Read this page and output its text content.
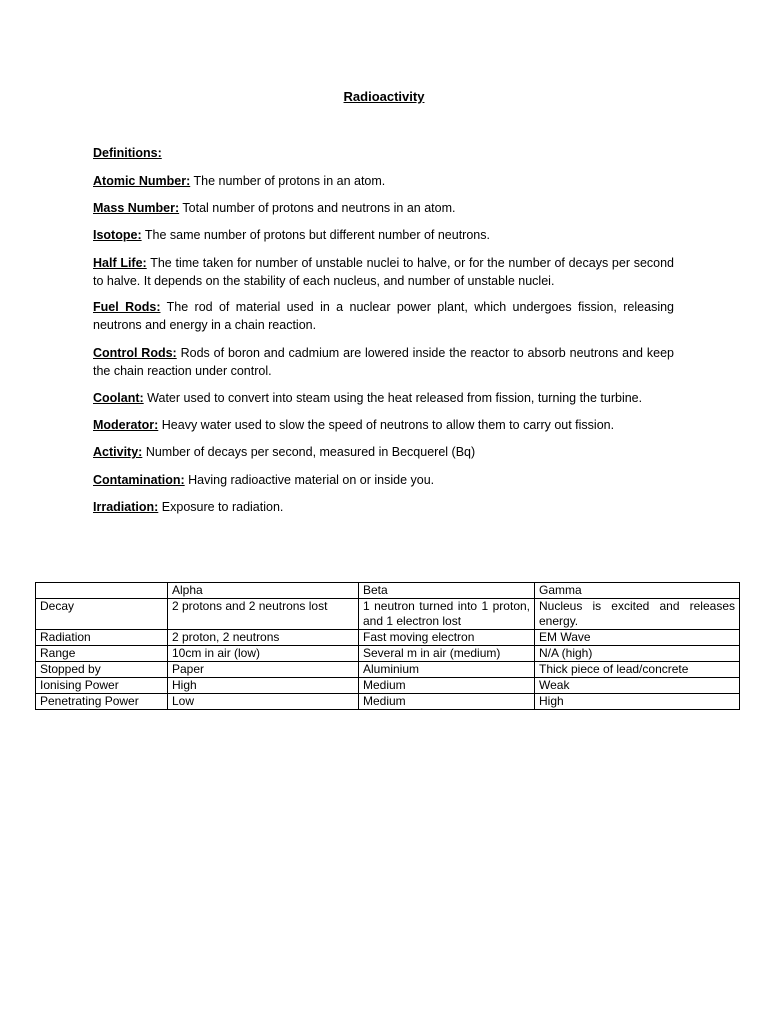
Radioactivity
Definitions:
Atomic Number: The number of protons in an atom.
Mass Number: Total number of protons and neutrons in an atom.
Isotope: The same number of protons but different number of neutrons.
Half Life: The time taken for number of unstable nuclei to halve, or for the number of decays per second to halve. It depends on the stability of each nucleus, and number of unstable nuclei.
Fuel Rods: The rod of material used in a nuclear power plant, which undergoes fission, releasing neutrons and energy in a chain reaction.
Control Rods: Rods of boron and cadmium are lowered inside the reactor to absorb neutrons and keep the chain reaction under control.
Coolant: Water used to convert into steam using the heat released from fission, turning the turbine.
Moderator: Heavy water used to slow the speed of neutrons to allow them to carry out fission.
Activity: Number of decays per second, measured in Becquerel (Bq)
Contamination: Having radioactive material on or inside you.
Irradiation: Exposure to radiation.
	Alpha	Beta	Gamma
Decay	2 protons and 2 neutrons lost	1 neutron turned into 1 proton, and 1 electron lost	Nucleus is excited and releases energy.
Radiation	2 proton, 2 neutrons	Fast moving electron	EM Wave
Range	10cm in air (low)	Several m in air (medium)	N/A (high)
Stopped by	Paper	Aluminium	Thick piece of lead/concrete
Ionising Power	High	Medium	Weak
Penetrating Power	Low	Medium	High
